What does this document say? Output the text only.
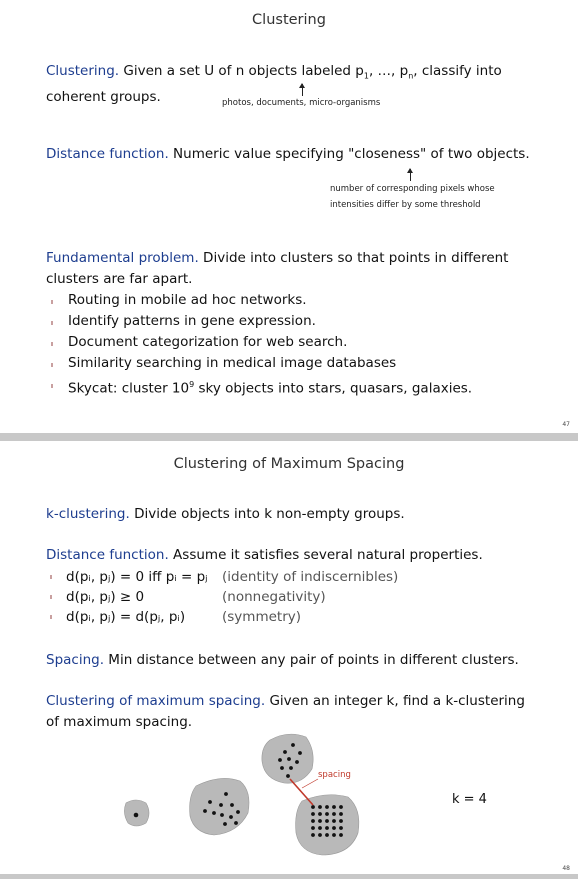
Clustering
Clustering. Given a set U of n objects labeled $p_1$, …, $p_n$, classify into
coherent groups.	photos, documents, micro-organisms
Distance function. Numeric value specifying "closeness" of two objects.
number of corresponding pixels whose
intensities differ by some threshold
Fundamental problem. Divide into clusters so that points in different
clusters are far apart.
Routing in mobile ad hoc networks.
Identify patterns in gene expression.
Document categorization for web search.
Similarity searching in medical image databases
Skycat: cluster $10^9$ sky objects into stars, quasars, galaxies.
47
Clustering of Maximum Spacing
k-clustering. Divide objects into k non-empty groups.
Distance function. Assume it satisfies several natural properties.
d(pᵢ, pⱼ) = 0 iff pᵢ = pⱼ (identity of indiscernibles)
d(pᵢ, pⱼ) ≥ 0	(nonnegativity)
d(pᵢ, pⱼ) = d(pⱼ, pᵢ)	(symmetry)
Spacing. Min distance between any pair of points in different clusters.
Clustering of maximum spacing. Given an integer k, find a k-clustering
of maximum spacing.
spacing
k = 4
48
